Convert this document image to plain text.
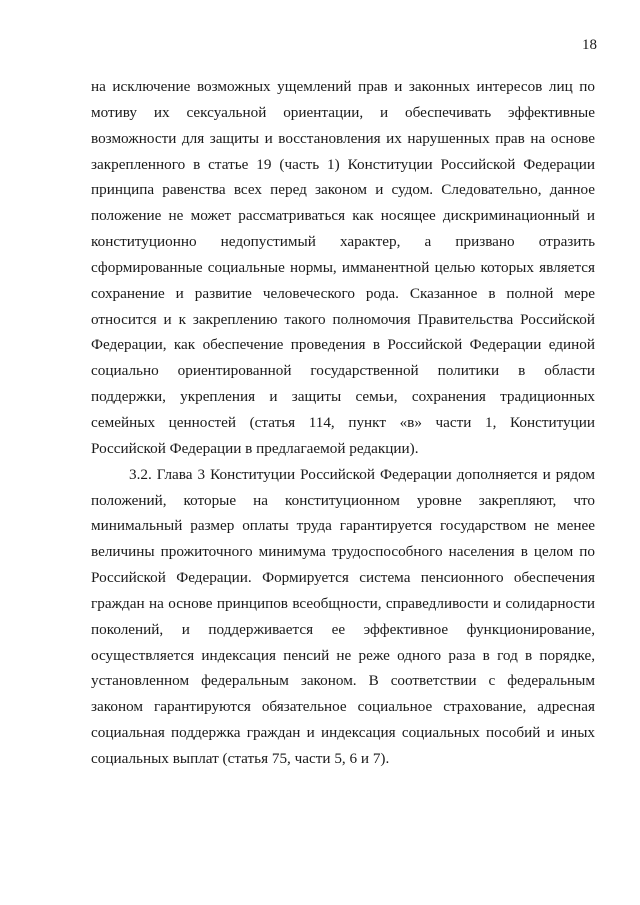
18

на исключение возможных ущемлений прав и законных интересов лиц по мотиву их сексуальной ориентации, и обеспечивать эффективные возможности для защиты и восстановления их нарушенных прав на основе закрепленного в статье 19 (часть 1) Конституции Российской Федерации принципа равенства всех перед законом и судом. Следовательно, данное положение не может рассматриваться как носящее дискриминационный и конституционно недопустимый характер, а призвано отразить сформированные социальные нормы, имманентной целью которых является сохранение и развитие человеческого рода. Сказанное в полной мере относится и к закреплению такого полномочия Правительства Российской Федерации, как обеспечение проведения в Российской Федерации единой социально ориентированной государственной политики в области поддержки, укрепления и защиты семьи, сохранения традиционных семейных ценностей (статья 114, пункт «в» части 1, Конституции Российской Федерации в предлагаемой редакции).

3.2. Глава 3 Конституции Российской Федерации дополняется и рядом положений, которые на конституционном уровне закрепляют, что минимальный размер оплаты труда гарантируется государством не менее величины прожиточного минимума трудоспособного населения в целом по Российской Федерации. Формируется система пенсионного обеспечения граждан на основе принципов всеобщности, справедливости и солидарности поколений, и поддерживается ее эффективное функционирование, осуществляется индексация пенсий не реже одного раза в год в порядке, установленном федеральным законом. В соответствии с федеральным законом гарантируются обязательное социальное страхование, адресная социальная поддержка граждан и индексация социальных пособий и иных социальных выплат (статья 75, части 5, 6 и 7).
